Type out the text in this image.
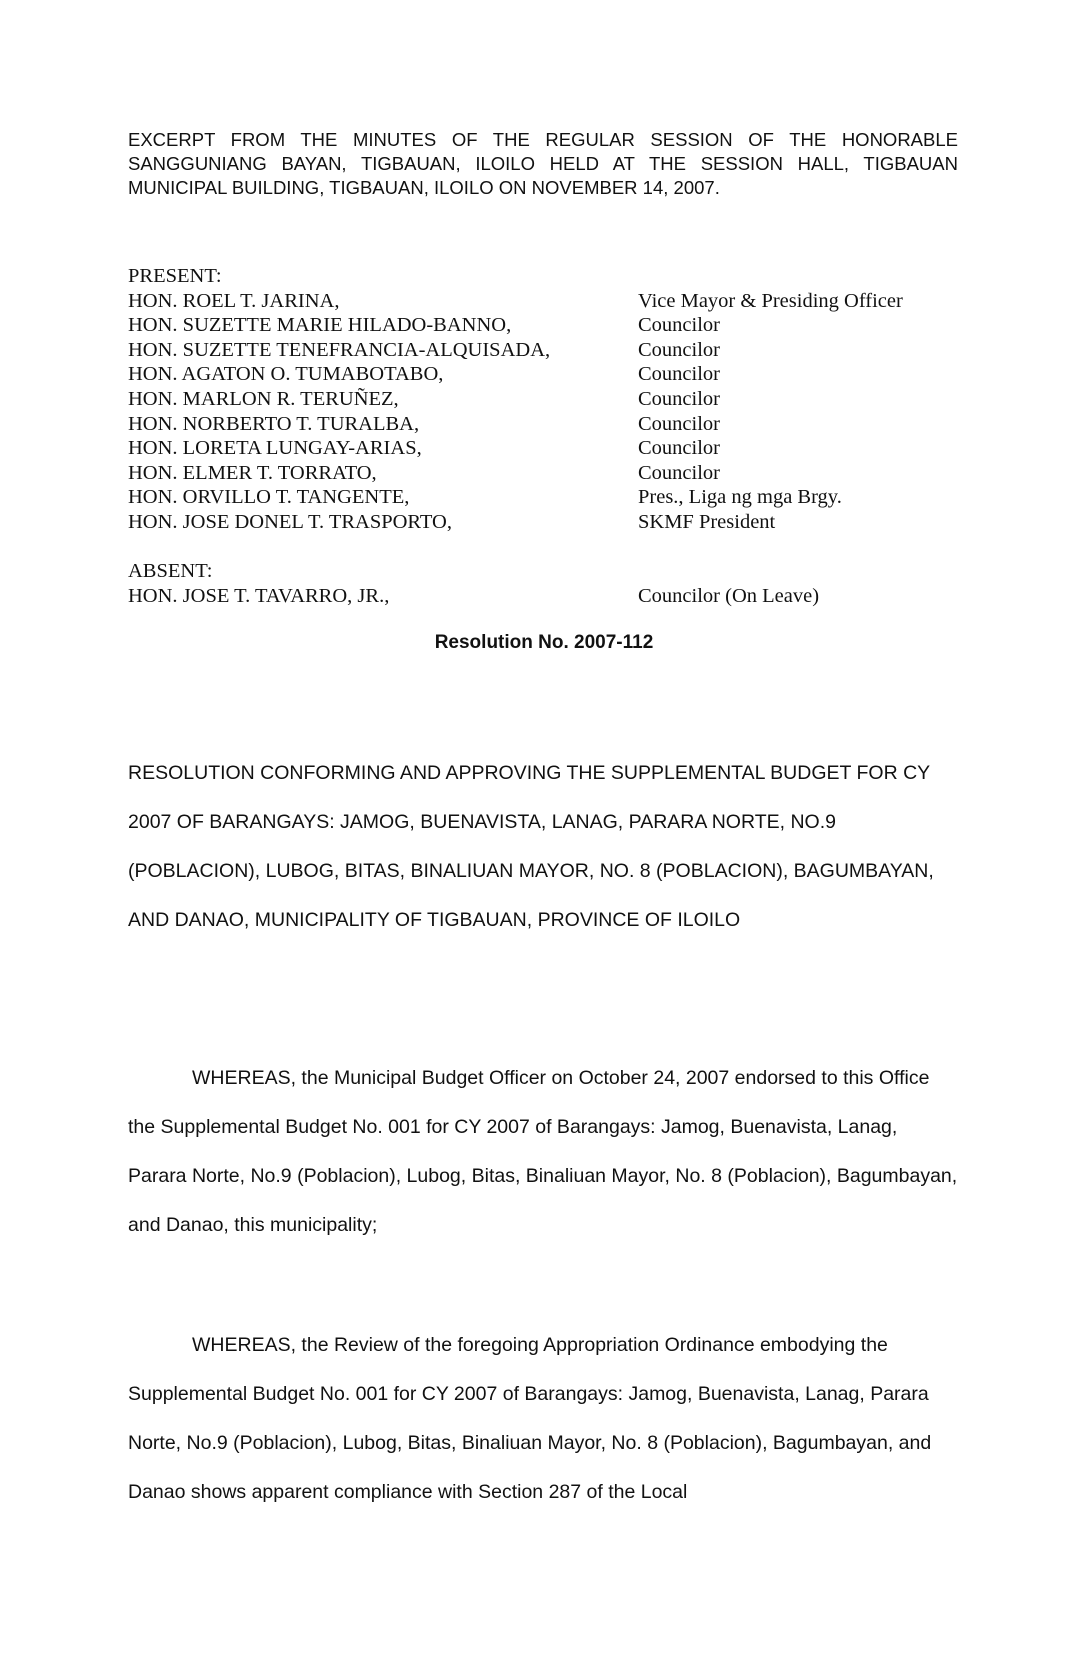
EXCERPT FROM THE MINUTES OF THE REGULAR SESSION OF THE HONORABLE SANGGUNIANG BAYAN, TIGBAUAN, ILOILO HELD AT THE SESSION HALL, TIGBAUAN MUNICIPAL BUILDING, TIGBAUAN, ILOILO ON NOVEMBER 14, 2007.
PRESENT:
HON. ROEL T. JARINA,	Vice Mayor & Presiding Officer
HON. SUZETTE MARIE HILADO-BANNO,	Councilor
HON. SUZETTE TENEFRANCIA-ALQUISADA,	Councilor
HON. AGATON O. TUMABOTABO,	Councilor
HON. MARLON R. TERUÑEZ,	Councilor
HON. NORBERTO T. TURALBA,	Councilor
HON. LORETA LUNGAY-ARIAS,	Councilor
HON. ELMER T. TORRATO,	Councilor
HON. ORVILLO T. TANGENTE,	Pres., Liga ng mga Brgy.
HON. JOSE DONEL T. TRASPORTO,	SKMF President
ABSENT:
HON. JOSE T. TAVARRO, JR.,	Councilor (On Leave)
Resolution No. 2007-112
RESOLUTION CONFORMING AND APPROVING THE SUPPLEMENTAL BUDGET FOR CY 2007 OF BARANGAYS: JAMOG, BUENAVISTA, LANAG, PARARA NORTE, NO.9 (POBLACION), LUBOG, BITAS, BINALIUAN MAYOR, NO. 8 (POBLACION), BAGUMBAYAN, AND DANAO, MUNICIPALITY OF TIGBAUAN, PROVINCE OF ILOILO
WHEREAS, the Municipal Budget Officer on October 24, 2007 endorsed to this Office the Supplemental Budget No. 001 for CY 2007 of Barangays: Jamog, Buenavista, Lanag, Parara Norte, No.9 (Poblacion), Lubog, Bitas, Binaliuan Mayor, No. 8 (Poblacion), Bagumbayan, and Danao, this municipality;
WHEREAS, the Review of the foregoing Appropriation Ordinance embodying the Supplemental Budget No. 001 for CY 2007 of Barangays: Jamog, Buenavista, Lanag, Parara Norte, No.9 (Poblacion), Lubog, Bitas, Binaliuan Mayor, No. 8 (Poblacion), Bagumbayan, and Danao shows apparent compliance with Section 287 of the Local
